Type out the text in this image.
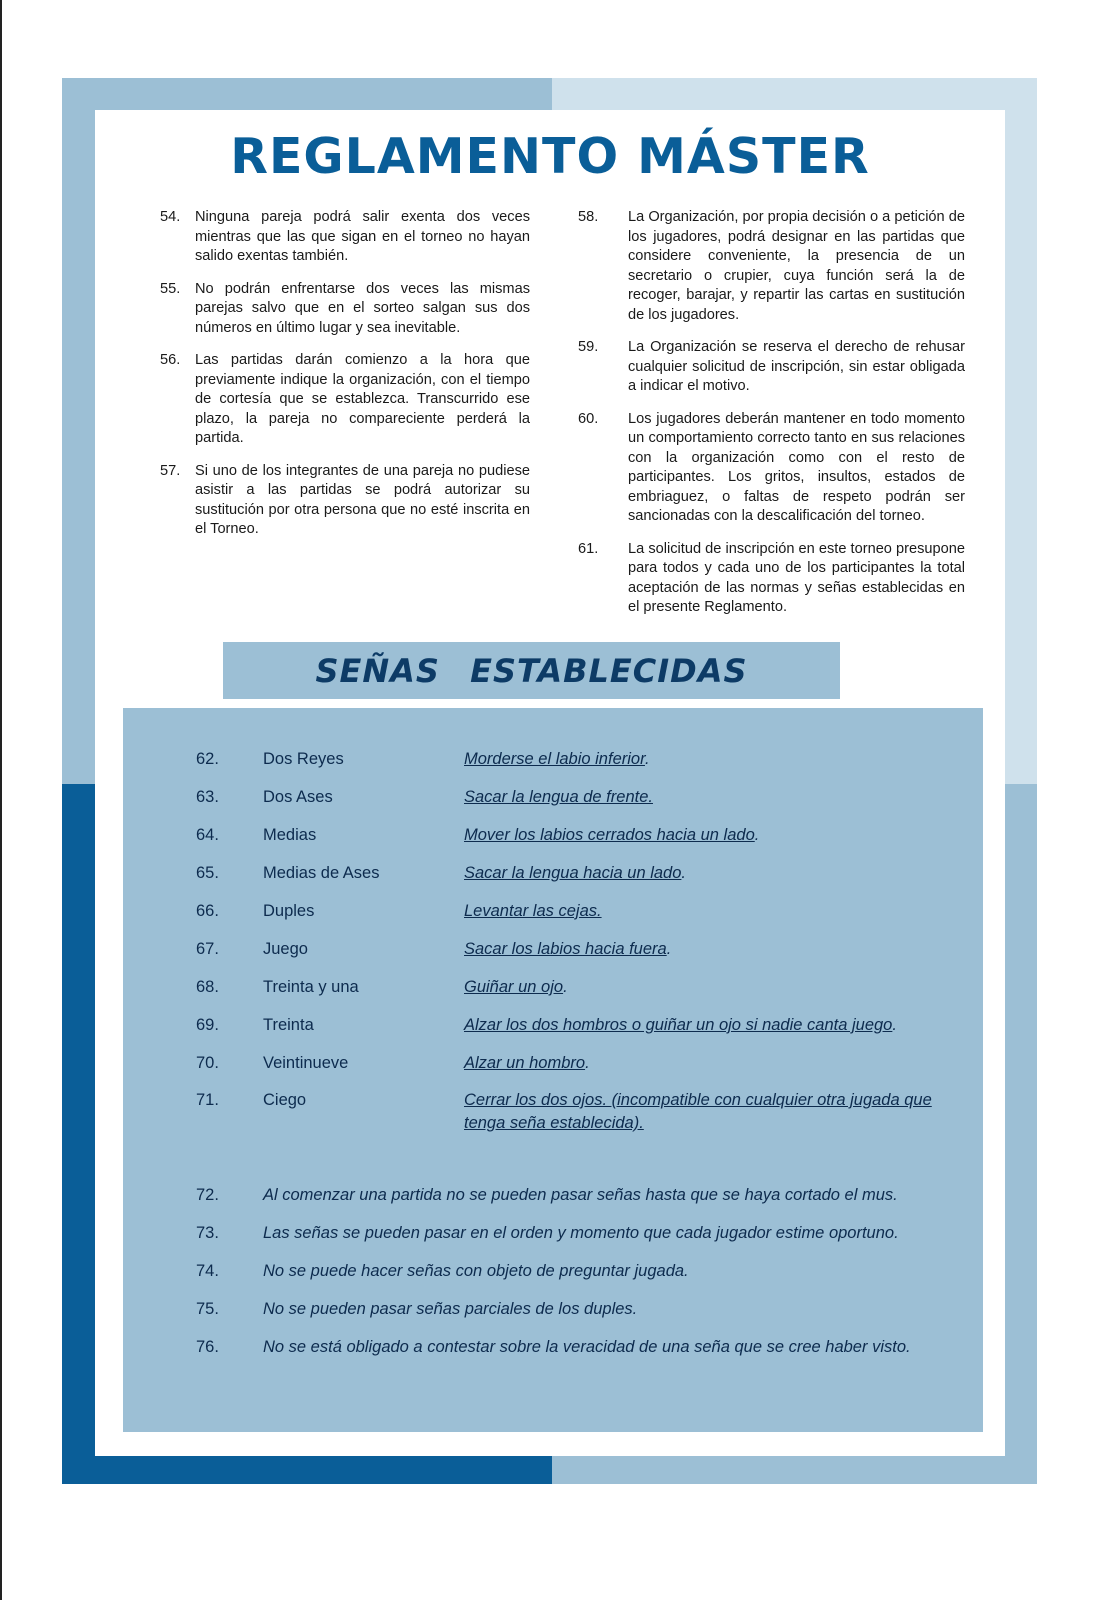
REGLAMENTO MÁSTER
54.	Ninguna pareja podrá salir exenta dos veces mientras que las que sigan en el torneo no hayan salido exentas también.
55.	No podrán enfrentarse dos veces las mismas parejas salvo que en el sorteo salgan sus dos números en último lugar y sea inevitable.
56.	Las partidas darán comienzo a la hora que previamente indique la organización, con el tiempo de cortesía que se establezca. Transcurrido ese plazo, la pareja no compareciente perderá la partida.
57.	Si uno de los integrantes de una pareja no pudiese asistir a las partidas se podrá autorizar su sustitución por otra persona que no esté inscrita en el Torneo.
58.	La Organización, por propia decisión o a petición de los jugadores, podrá designar en las partidas que considere conveniente, la presencia de un secretario o crupier, cuya función será la de recoger, barajar, y repartir las cartas en sustitución de los jugadores.
59.	La Organización se reserva el derecho de rehusar cualquier solicitud de inscripción, sin estar obligada a indicar el motivo.
60.	Los jugadores deberán mantener en todo momento un comportamiento correcto tanto en sus relaciones con la organización como con el resto de participantes. Los gritos, insultos, estados de embriaguez, o faltas de respeto podrán ser sancionadas con la descalificación del torneo.
61.	La solicitud de inscripción en este torneo presupone para todos y cada uno de los participantes la total aceptación de las normas y señas establecidas en el presente Reglamento.
SEÑAS ESTABLECIDAS
62.	Dos Reyes	Morderse el labio inferior.
63.	Dos Ases	Sacar la lengua de frente.
64.	Medias	Mover los labios cerrados hacia un lado.
65.	Medias de Ases	Sacar la lengua hacia un lado.
66.	Duples	Levantar las cejas.
67.	Juego	Sacar los labios hacia fuera.
68.	Treinta y una	Guiñar un ojo.
69.	Treinta	Alzar los dos hombros o guiñar un ojo si nadie canta juego.
70.	Veintinueve	Alzar un hombro.
71.	Ciego	Cerrar los dos ojos. (incompatible con cualquier otra jugada que tenga seña establecida).
72.	Al comenzar una partida no se pueden pasar señas hasta que se haya cortado el mus.
73.	Las señas se pueden pasar en el orden y momento que cada jugador estime oportuno.
74.	No se puede hacer señas con objeto de preguntar jugada.
75.	No se pueden pasar señas parciales de los duples.
76.	No se está obligado a contestar sobre la veracidad de una seña que se cree haber visto.
